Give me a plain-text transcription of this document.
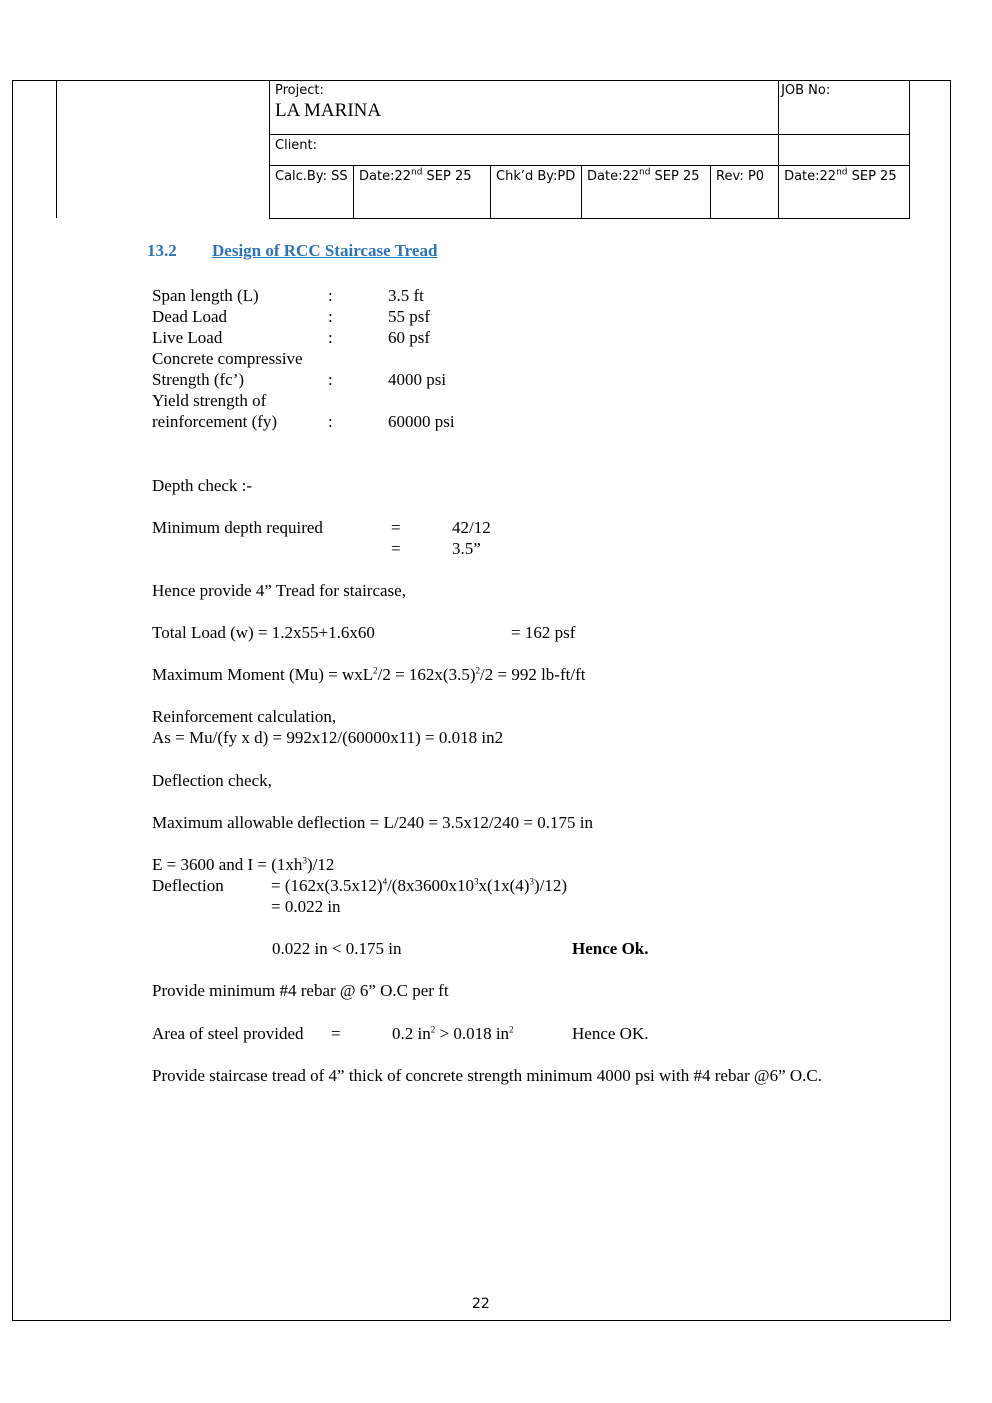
Project:
LA MARINA					JOB No:

Client:					

Calc.By: SS	Date:22nd SEP 25	Chk’d By:PD	Date:22nd SEP 25	Rev: P0	Date:22nd SEP 25
13.2 Design of RCC Staircase Tread
Span length (L)	:	3.5 ft
Dead Load	:	55 psf
Live Load	:	60 psf
Concrete compressive
Strength (fc’)	:	4000 psi
Yield strength of
reinforcement (fy)	:	60000 psi
Depth check :-
Minimum depth required	=	42/12
=	3.5”
Hence provide 4” Tread for staircase,
Total Load (w) = 1.2x55+1.6x60	= 162 psf
Maximum Moment $(Mu) = wxL^2/2 = 162x(3.5)^2/2 = 992$ lb-ft/ft
Reinforcement calculation,
As = Mu/(fy x d) = 992x12/(60000x11) = 0.018 in2
Deflection check,
Maximum allowable deflection = L/240 = 3.5x12/240 = 0.175 in
E = 3600 and $I = (1xh^3)/12$
Deflection	= ($162x(3.5x12)^4/(8x3600x10^3x(1x(4)^3)/12)$
= 0.022 in
0.022 in < 0.175 in	Hence Ok.
Provide minimum #4 rebar @ 6” O.C per ft
Area of steel provided =	0.2 $in^2 > 0.018$ $in^2$	Hence OK.
Provide staircase tread of 4” thick of concrete strength minimum 4000 psi with #4 rebar @6” O.C.
22
